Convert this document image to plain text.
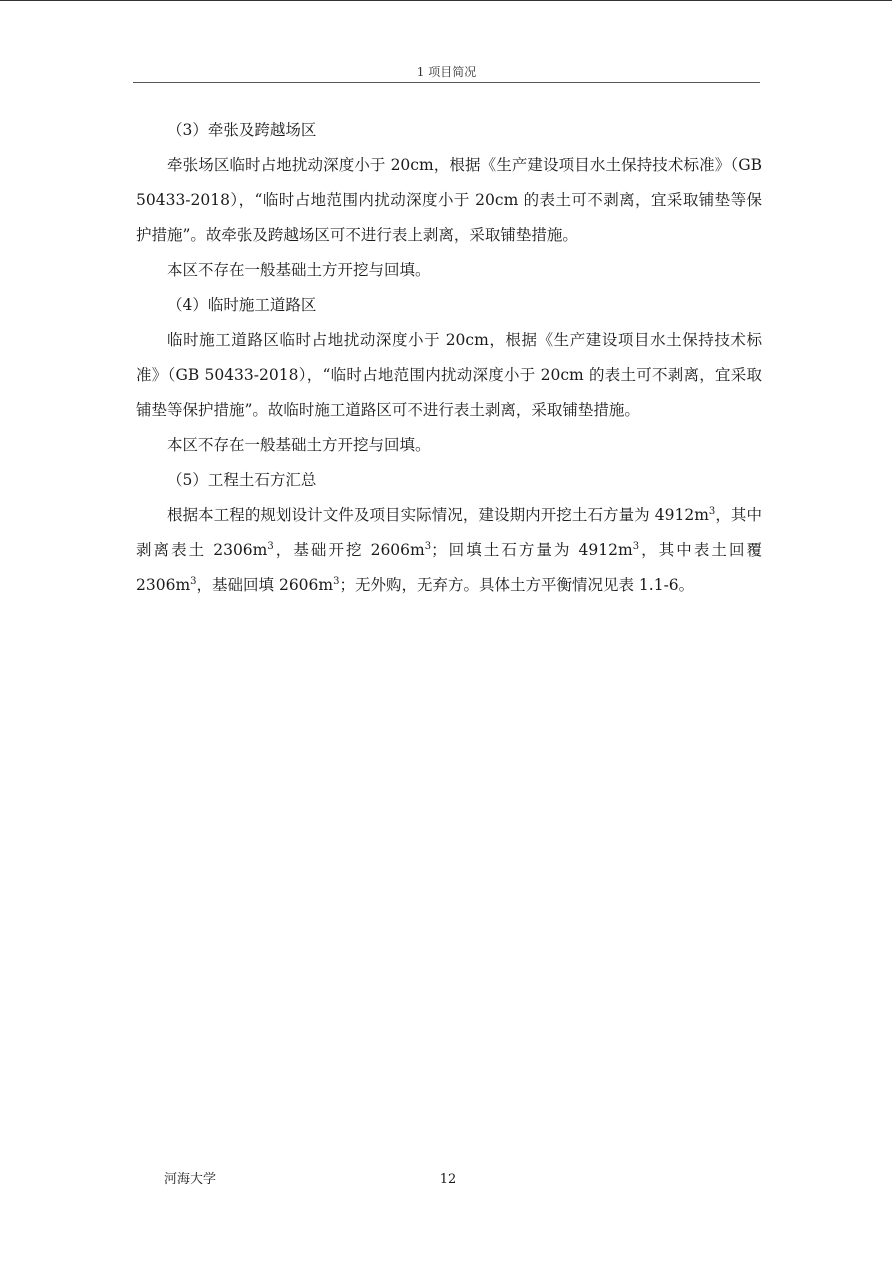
1 项目简况

（3）牵张及跨越场区

牵张场区临时占地扰动深度小于 20cm，根据《生产建设项目水土保持技术标准》（GB 50433-2018），“临时占地范围内扰动深度小于 20cm 的表土可不剥离，宜采取铺垫等保护措施”。故牵张及跨越场区可不进行表上剥离，采取铺垫措施。

本区不存在一般基础土方开挖与回填。

（4）临时施工道路区

临时施工道路区临时占地扰动深度小于 20cm，根据《生产建设项目水土保持技术标准》（GB 50433-2018），“临时占地范围内扰动深度小于 20cm 的表土可不剥离，宜采取铺垫等保护措施”。故临时施工道路区可不进行表土剥离，采取铺垫措施。

本区不存在一般基础土方开挖与回填。

（5）工程土石方汇总

根据本工程的规划设计文件及项目实际情况，建设期内开挖土石方量为 $4912m^3$，其中剥离表土 $2306m^3$，基础开挖 $2606m^3$；回填土石方量为 $4912m^3$，其中表土回覆 $2306m^3$，基础回填 $2606m^3$；无外购，无弃方。具体土方平衡情况见表 1.1-6。

河海大学	12
